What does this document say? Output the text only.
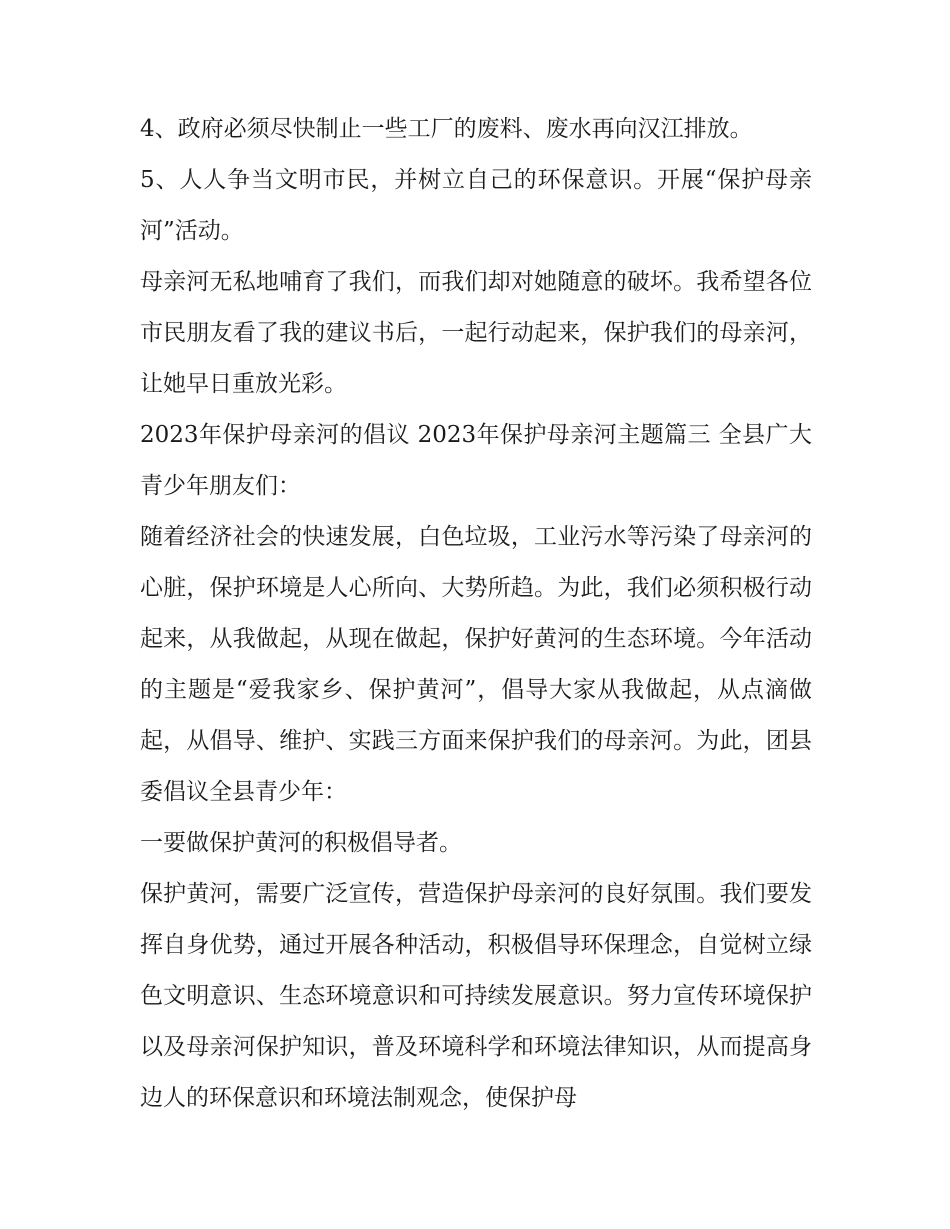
4、政府必须尽快制止一些工厂的废料、废水再向汉江排放。

5、人人争当文明市民，并树立自己的环保意识。开展“保护母亲河”活动。

母亲河无私地哺育了我们，而我们却对她随意的破坏。我希望各位市民朋友看了我的建议书后，一起行动起来，保护我们的母亲河，让她早日重放光彩。

2023年保护母亲河的倡议 2023年保护母亲河主题篇三 全县广大青少年朋友们：

随着经济社会的快速发展，白色垃圾，工业污水等污染了母亲河的心脏，保护环境是人心所向、大势所趋。为此，我们必须积极行动起来，从我做起，从现在做起，保护好黄河的生态环境。今年活动的主题是“爱我家乡、保护黄河”，倡导大家从我做起，从点滴做起，从倡导、维护、实践三方面来保护我们的母亲河。为此，团县委倡议全县青少年：

一要做保护黄河的积极倡导者。

保护黄河，需要广泛宣传，营造保护母亲河的良好氛围。我们要发挥自身优势，通过开展各种活动，积极倡导环保理念，自觉树立绿色文明意识、生态环境意识和可持续发展意识。努力宣传环境保护以及母亲河保护知识，普及环境科学和环境法律知识，从而提高身边人的环保意识和环境法制观念，使保护母
